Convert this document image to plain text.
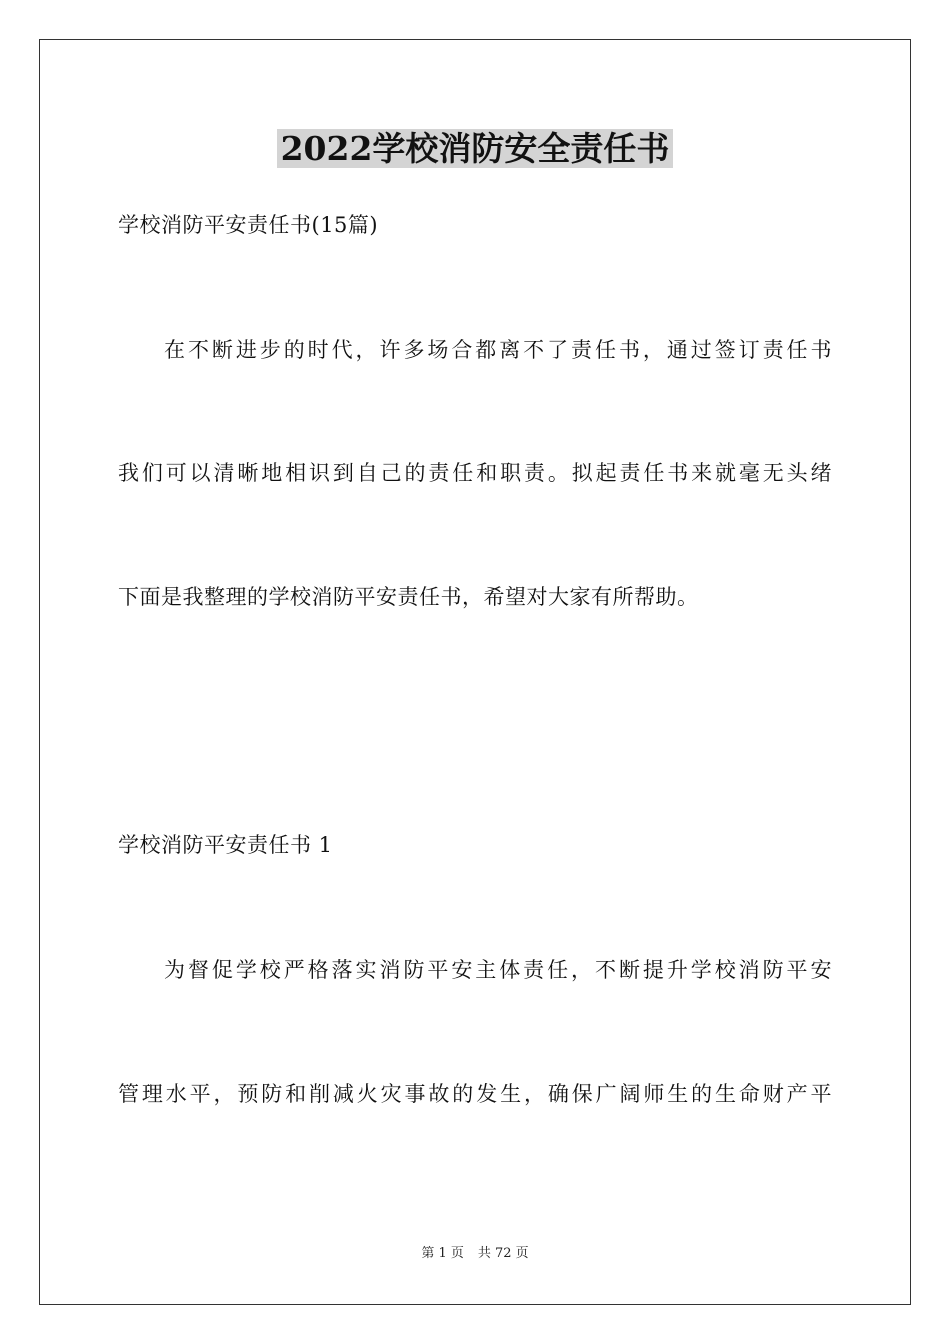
2022学校消防安全责任书
学校消防平安责任书(15篇)
在不断进步的时代，许多场合都离不了责任书，通过签订责任书
我们可以清晰地相识到自己的责任和职责。拟起责任书来就毫无头绪
下面是我整理的学校消防平安责任书，希望对大家有所帮助。
学校消防平安责任书 1
为督促学校严格落实消防平安主体责任，不断提升学校消防平安
管理水平，预防和削减火灾事故的发生，确保广阔师生的生命财产平
第 1 页 共 72 页
